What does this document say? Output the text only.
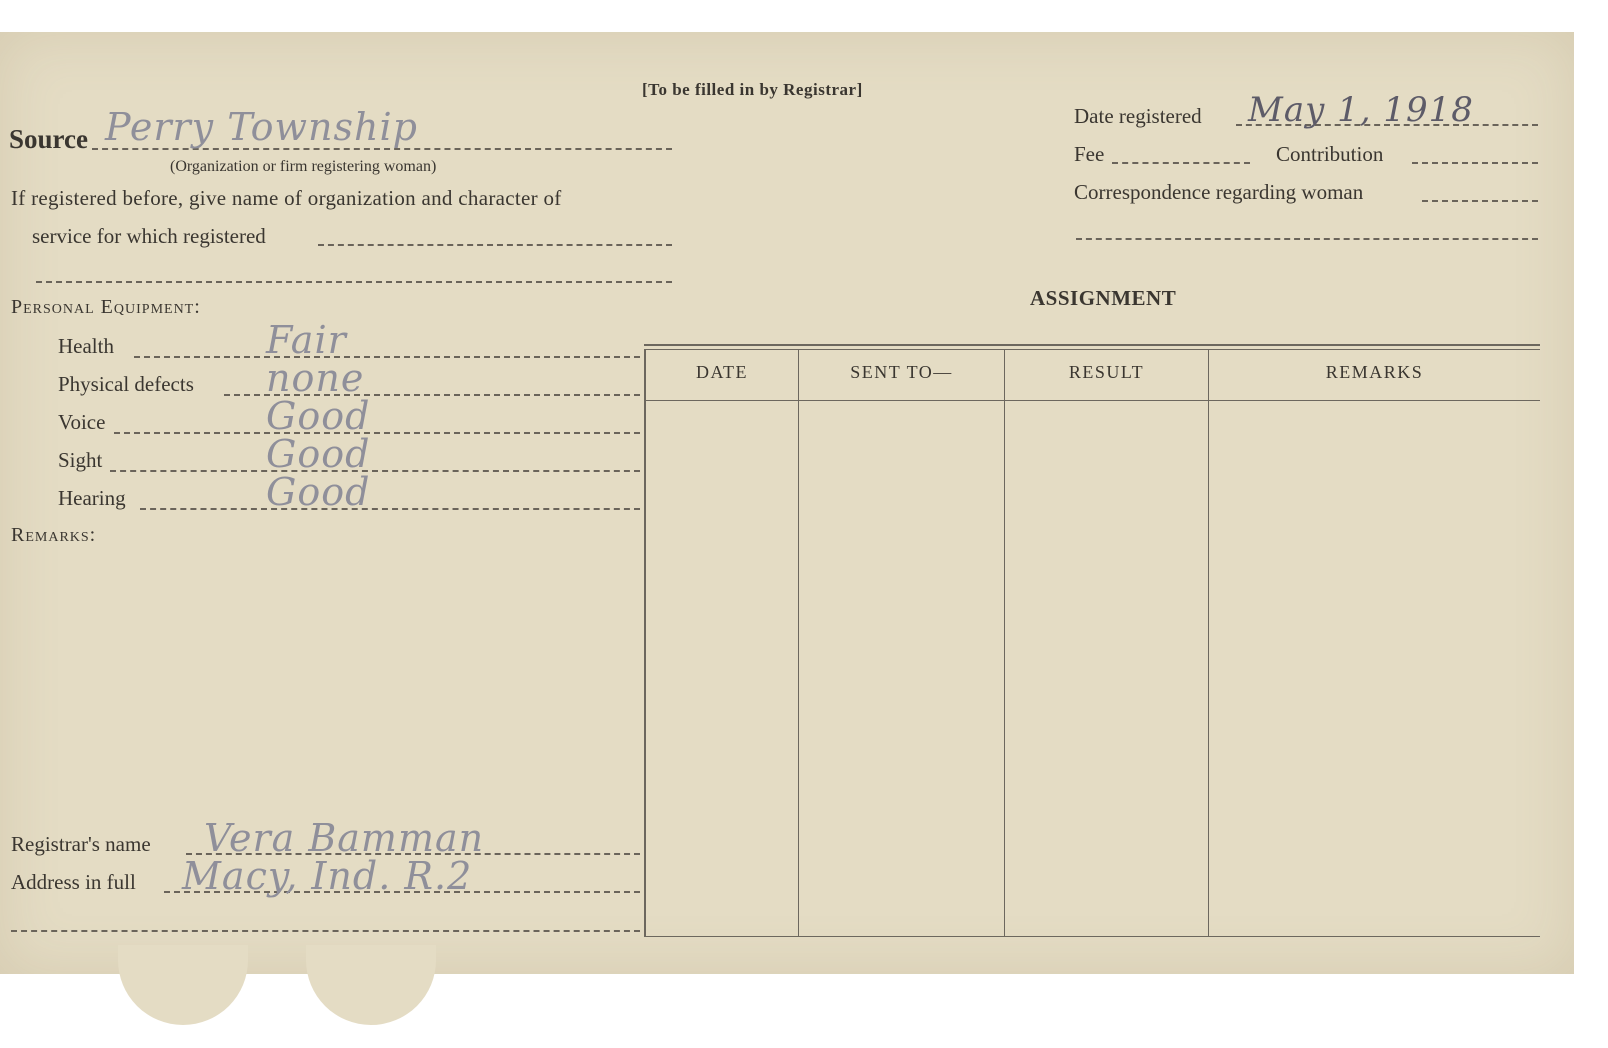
[To be filled in by Registrar]
Source Perry Township
(Organization or firm registering woman)
If registered before, give name of organization and character of
service for which registered
Date registered May 1, 1918
Fee	Contribution
Correspondence regarding woman
Personal Equipment:
Health	Fair
Physical defects none
Voice	Good
Sight	Good
Hearing	Good
Remarks:
Registrar's name Vera Bamman
Address in full Macy, Ind. R.2
ASSIGNMENT
DATE	SENT TO—	RESULT	REMARKS
